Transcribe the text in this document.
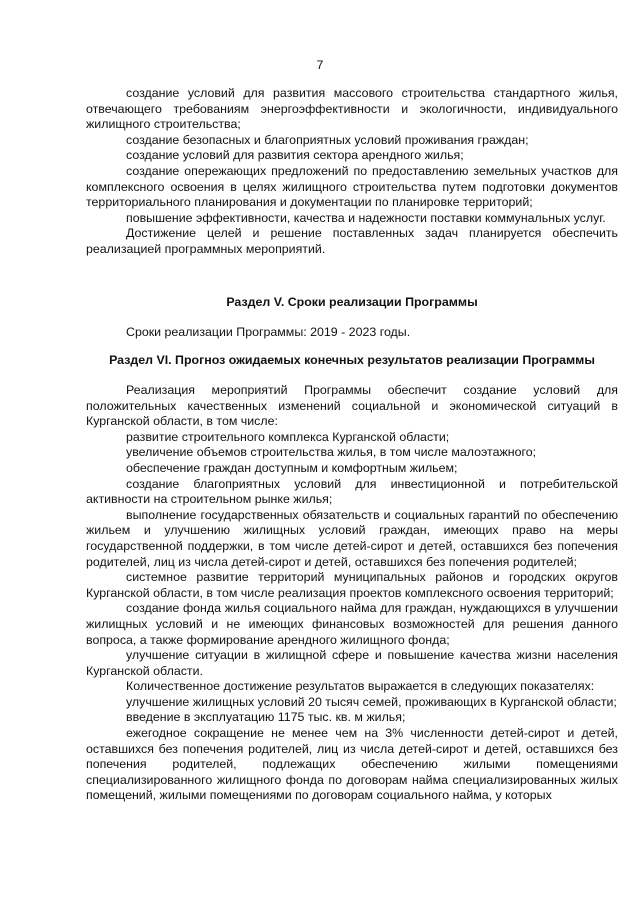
7

создание условий для развития массового строительства стандартного жилья, отвечающего требованиям энергоэффективности и экологичности, индивидуального жилищного строительства;

создание безопасных и благоприятных условий проживания граждан;

создание условий для развития сектора арендного жилья;

создание опережающих предложений по предоставлению земельных участков для комплексного освоения в целях жилищного строительства путем подготовки документов территориального планирования и документации по планировке территорий;

повышение эффективности, качества и надежности поставки коммунальных услуг.

Достижение целей и решение поставленных задач планируется обеспечить реализацией программных мероприятий.

Раздел V. Сроки реализации Программы

Сроки реализации Программы: 2019 - 2023 годы.

Раздел VI. Прогноз ожидаемых конечных результатов реализации Программы

Реализация мероприятий Программы обеспечит создание условий для положительных качественных изменений социальной и экономической ситуаций в Курганской области, в том числе:

развитие строительного комплекса Курганской области;

увеличение объемов строительства жилья, в том числе малоэтажного;

обеспечение граждан доступным и комфортным жильем;

создание благоприятных условий для инвестиционной и потребительской активности на строительном рынке жилья;

выполнение государственных обязательств и социальных гарантий по обеспечению жильем и улучшению жилищных условий граждан, имеющих право на меры государственной поддержки, в том числе детей-сирот и детей, оставшихся без попечения родителей, лиц из числа детей-сирот и детей, оставшихся без попечения родителей;

системное развитие территорий муниципальных районов и городских округов Курганской области, в том числе реализация проектов комплексного освоения территорий;

создание фонда жилья социального найма для граждан, нуждающихся в улучшении жилищных условий и не имеющих финансовых возможностей для решения данного вопроса, а также формирование арендного жилищного фонда;

улучшение ситуации в жилищной сфере и повышение качества жизни населения Курганской области.

Количественное достижение результатов выражается в следующих показателях:

улучшение жилищных условий 20 тысяч семей, проживающих в Курганской области;

введение в эксплуатацию 1175 тыс. кв. м жилья;

ежегодное сокращение не менее чем на 3% численности детей-сирот и детей, оставшихся без попечения родителей, лиц из числа детей-сирот и детей, оставшихся без попечения родителей, подлежащих обеспечению жилыми помещениями специализированного жилищного фонда по договорам найма специализированных жилых помещений, жилыми помещениями по договорам социального найма, у которых
